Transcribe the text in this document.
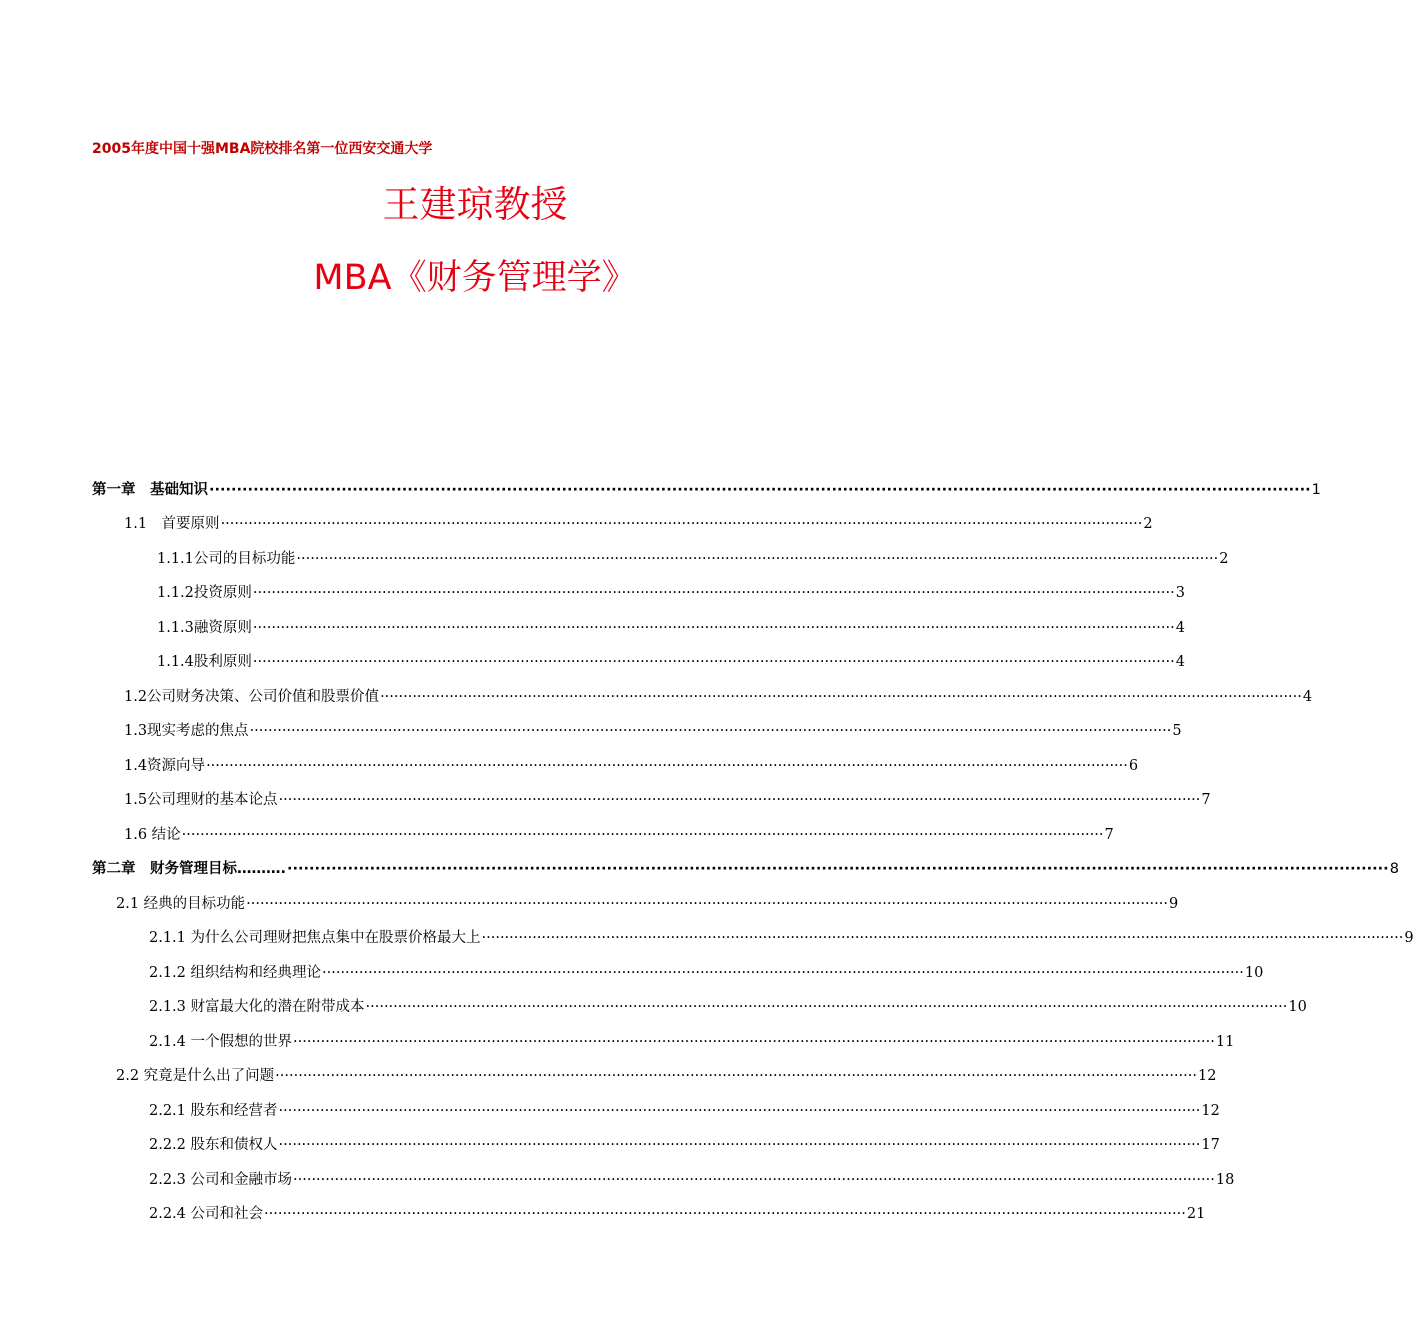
2005年度中国十强MBA院校排名第一位西安交通大学
王建琼教授
MBA《财务管理学》
第一章　基础知识 ········································································································································································································ 1
1.1　首要原则 ········································································································································································································ 2
1.1.1公司的目标功能 ········································································································································································································ 2
1.1.2投资原则 ········································································································································································································ 3
1.1.3融资原则 ········································································································································································································ 4
1.1.4股利原则 ········································································································································································································ 4
1.2公司财务决策、公司价值和股票价值 ········································································································································································································ 4
1.3现实考虑的焦点 ········································································································································································································ 5
1.4资源向导 ········································································································································································································ 6
1.5公司理财的基本论点 ········································································································································································································ 7
1.6 结论 ········································································································································································································ 7
第二章　财务管理目标………. ········································································································································································································ 8
2.1 经典的目标功能 ········································································································································································································ 9
2.1.1 为什么公司理财把焦点集中在股票价格最大上 ········································································································································································································ 9
2.1.2 组织结构和经典理论 ········································································································································································································ 10
2.1.3 财富最大化的潜在附带成本 ········································································································································································································ 10
2.1.4 一个假想的世界 ········································································································································································································ 11
2.2 究竟是什么出了问题 ········································································································································································································ 12
2.2.1 股东和经营者 ········································································································································································································ 12
2.2.2 股东和债权人 ········································································································································································································ 17
2.2.3 公司和金融市场 ········································································································································································································ 18
2.2.4 公司和社会 ········································································································································································································ 21
